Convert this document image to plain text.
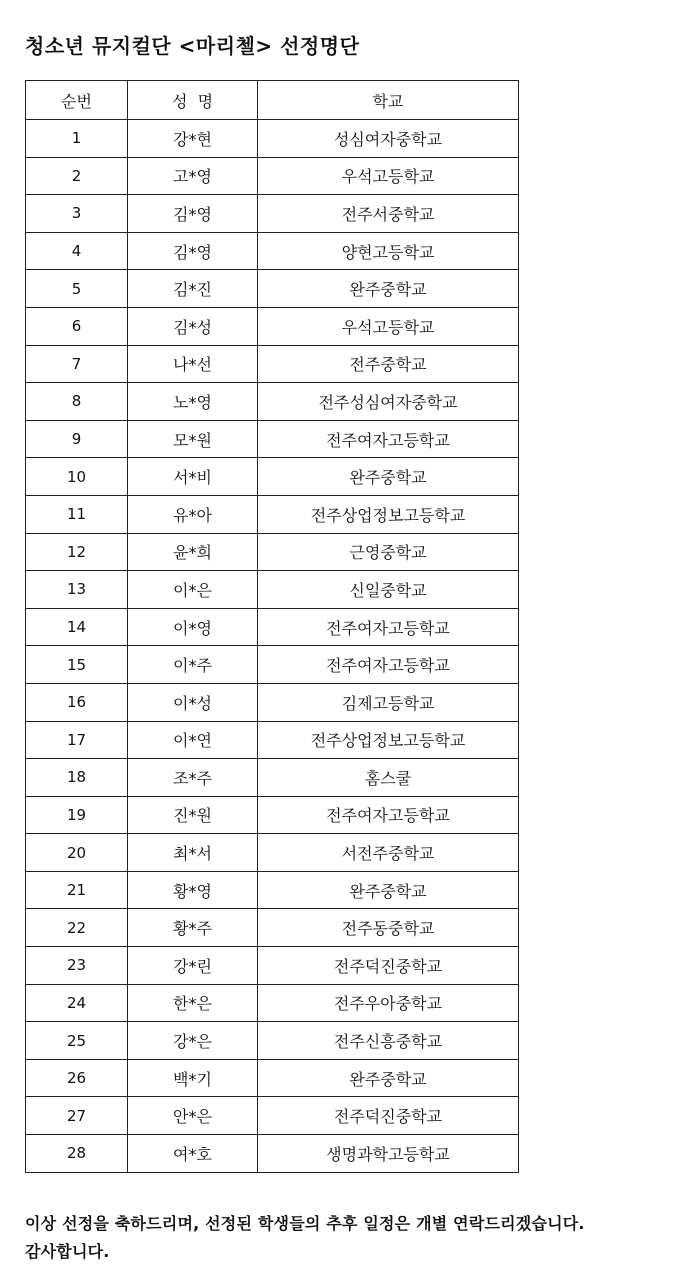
청소년 뮤지컬단 <마리첼> 선정명단
순번	성  명	학교
1	강*현	성심여자중학교
2	고*영	우석고등학교
3	김*영	전주서중학교
4	김*영	양현고등학교
5	김*진	완주중학교
6	김*성	우석고등학교
7	나*선	전주중학교
8	노*영	전주성심여자중학교
9	모*원	전주여자고등학교
10	서*비	완주중학교
11	유*아	전주상업정보고등학교
12	윤*희	근영중학교
13	이*은	신일중학교
14	이*영	전주여자고등학교
15	이*주	전주여자고등학교
16	이*성	김제고등학교
17	이*연	전주상업정보고등학교
18	조*주	홈스쿨
19	진*원	전주여자고등학교
20	최*서	서전주중학교
21	황*영	완주중학교
22	황*주	전주동중학교
23	강*린	전주덕진중학교
24	한*은	전주우아중학교
25	강*은	전주신흥중학교
26	백*기	완주중학교
27	안*은	전주덕진중학교
28	여*호	생명과학고등학교
이상 선정을 축하드리며, 선정된 학생들의 추후 일정은 개별 연락드리겠습니다.
감사합니다.
